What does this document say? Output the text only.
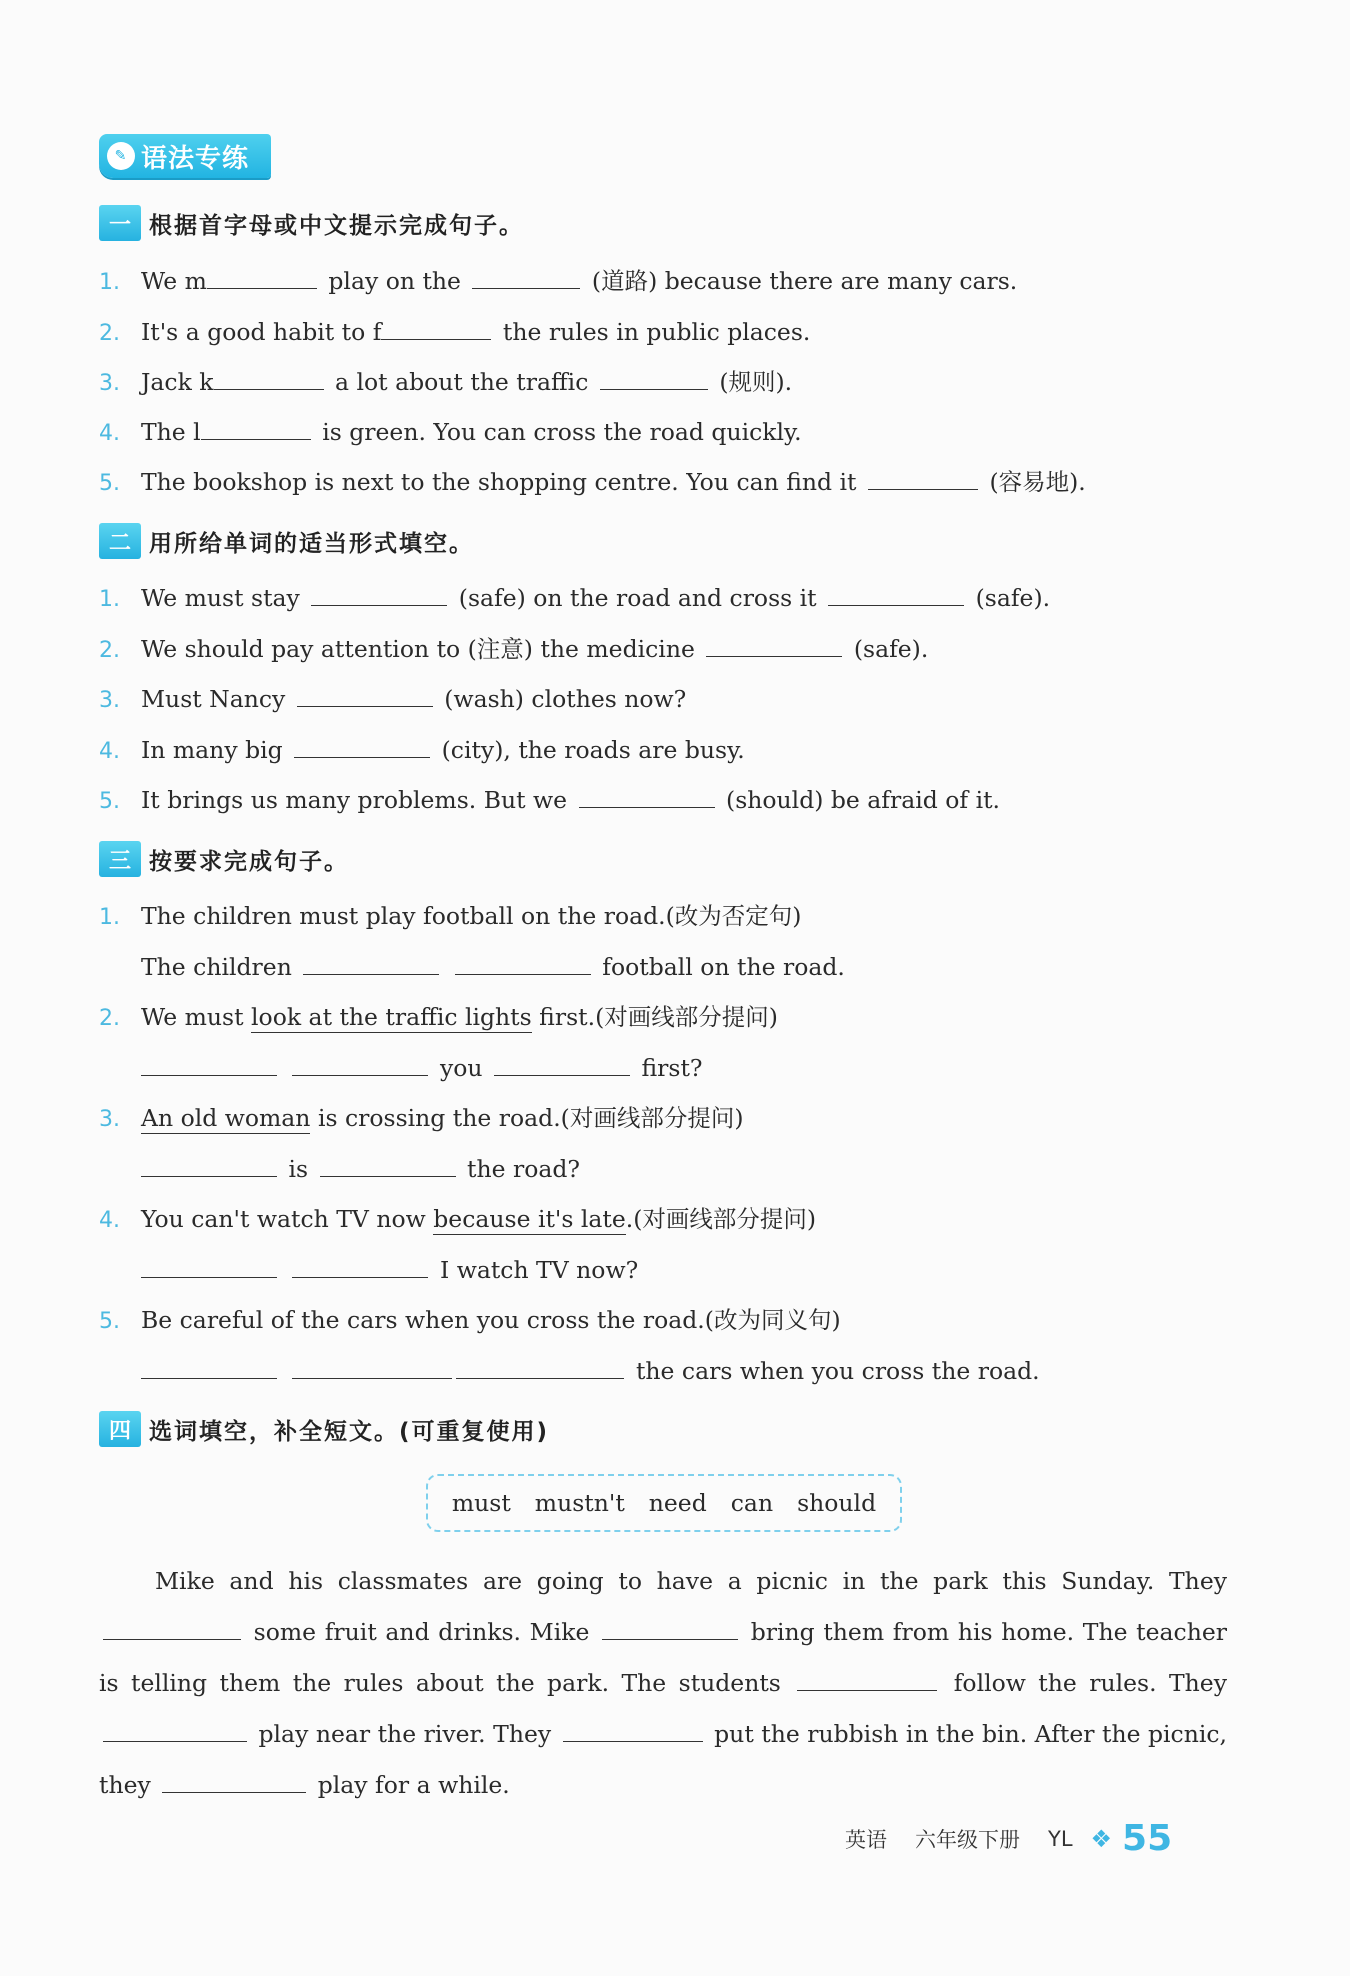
✎ 语法专练
一 根据首字母或中文提示完成句子。
1. We m	play on the	(道路) because there are many cars.
2. It's a good habit to f	the rules in public places.
3. Jack k	a lot about the traffic	(规则).
4. The l	is green. You can cross the road quickly.
5. The bookshop is next to the shopping centre. You can find it	(容易地).
二 用所给单词的适当形式填空。
1. We must stay	(safe) on the road and cross it	(safe).
2. We should pay attention to (注意) the medicine	(safe).
3. Must Nancy	(wash) clothes now?
4. In many big	(city), the roads are busy.
5. It brings us many problems. But we	(should) be afraid of it.
三 按要求完成句子。
1. The children must play football on the road.(改为否定句)
The children	football on the road.
2. We must look at the traffic lights first.(对画线部分提问)
you	first?
3. An old woman is crossing the road.(对画线部分提问)
is	the road?
4. You can't watch TV now because it's late.(对画线部分提问)
I watch TV now?
5. Be careful of the cars when you cross the road.(改为同义句)
the cars when you cross the road.
四 选词填空，补全短文。(可重复使用)
must mustn't need can should
Mike and his classmates are going to have a picnic in the park this Sunday. They  some fruit and drinks. Mike	bring them from his home. The teacher is telling them the rules about the park. The students	follow the rules. They  play near the river. They	put the rubbish in the bin. After the picnic, they	play for a while.
英语 六年级下册 YL ❖ 55
